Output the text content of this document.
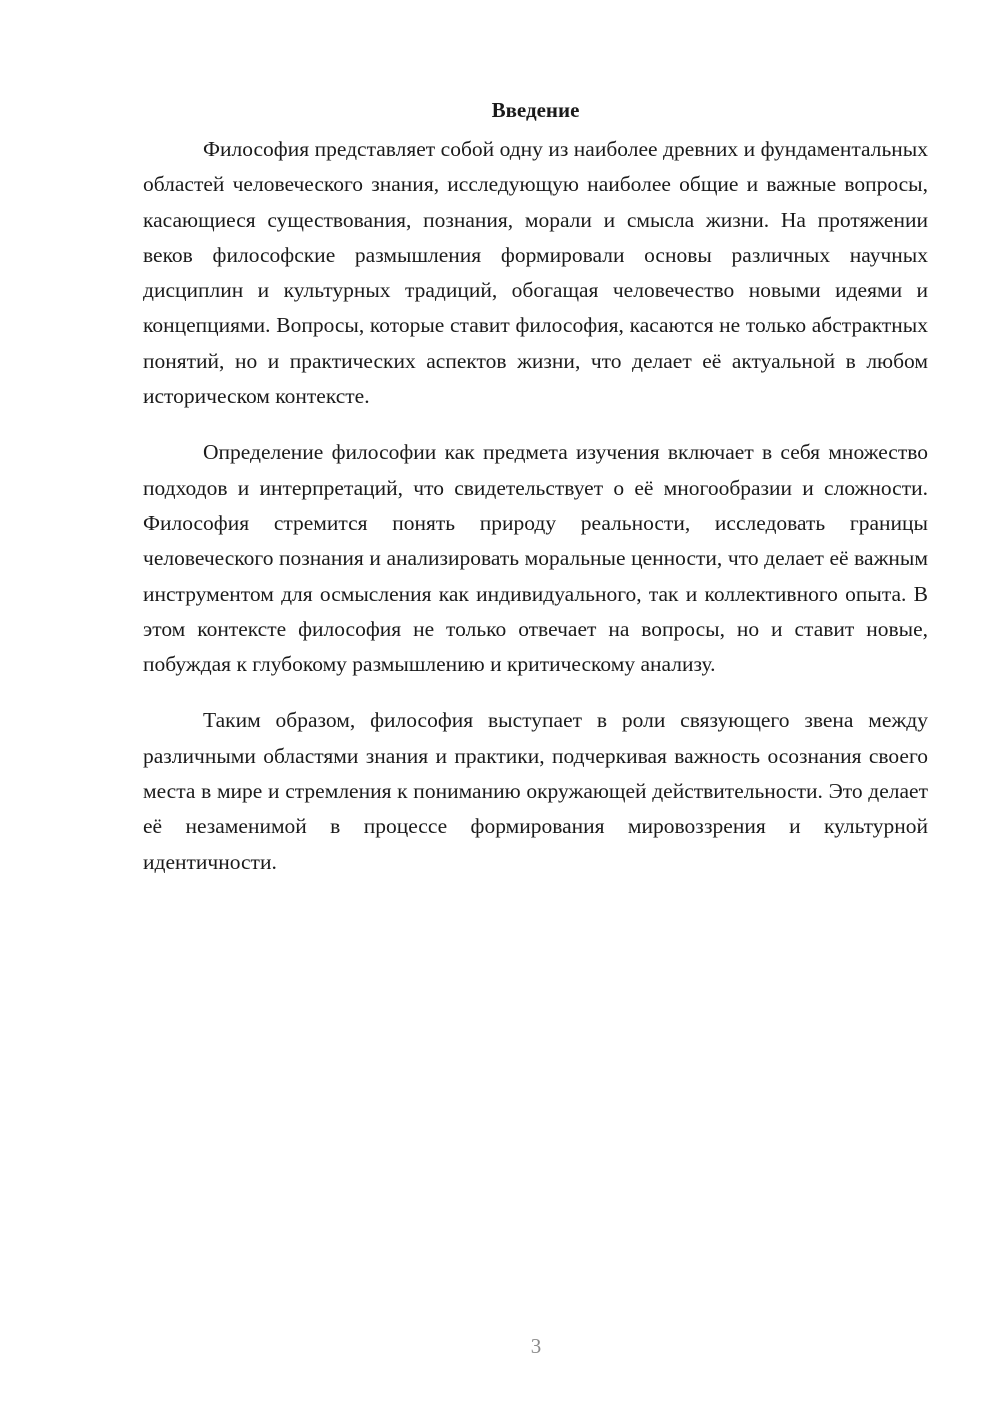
Введение

Философия представляет собой одну из наиболее древних и фундаментальных областей человеческого знания, исследующую наиболее общие и важные вопросы, касающиеся существования, познания, морали и смысла жизни. На протяжении веков философские размышления формировали основы различных научных дисциплин и культурных традиций, обогащая человечество новыми идеями и концепциями. Вопросы, которые ставит философия, касаются не только абстрактных понятий, но и практических аспектов жизни, что делает её актуальной в любом историческом контексте.

Определение философии как предмета изучения включает в себя множество подходов и интерпретаций, что свидетельствует о её многообразии и сложности. Философия стремится понять природу реальности, исследовать границы человеческого познания и анализировать моральные ценности, что делает её важным инструментом для осмысления как индивидуального, так и коллективного опыта. В этом контексте философия не только отвечает на вопросы, но и ставит новые, побуждая к глубокому размышлению и критическому анализу.

Таким образом, философия выступает в роли связующего звена между различными областями знания и практики, подчеркивая важность осознания своего места в мире и стремления к пониманию окружающей действительности. Это делает её незаменимой в процессе формирования мировоззрения и культурной идентичности.

3
